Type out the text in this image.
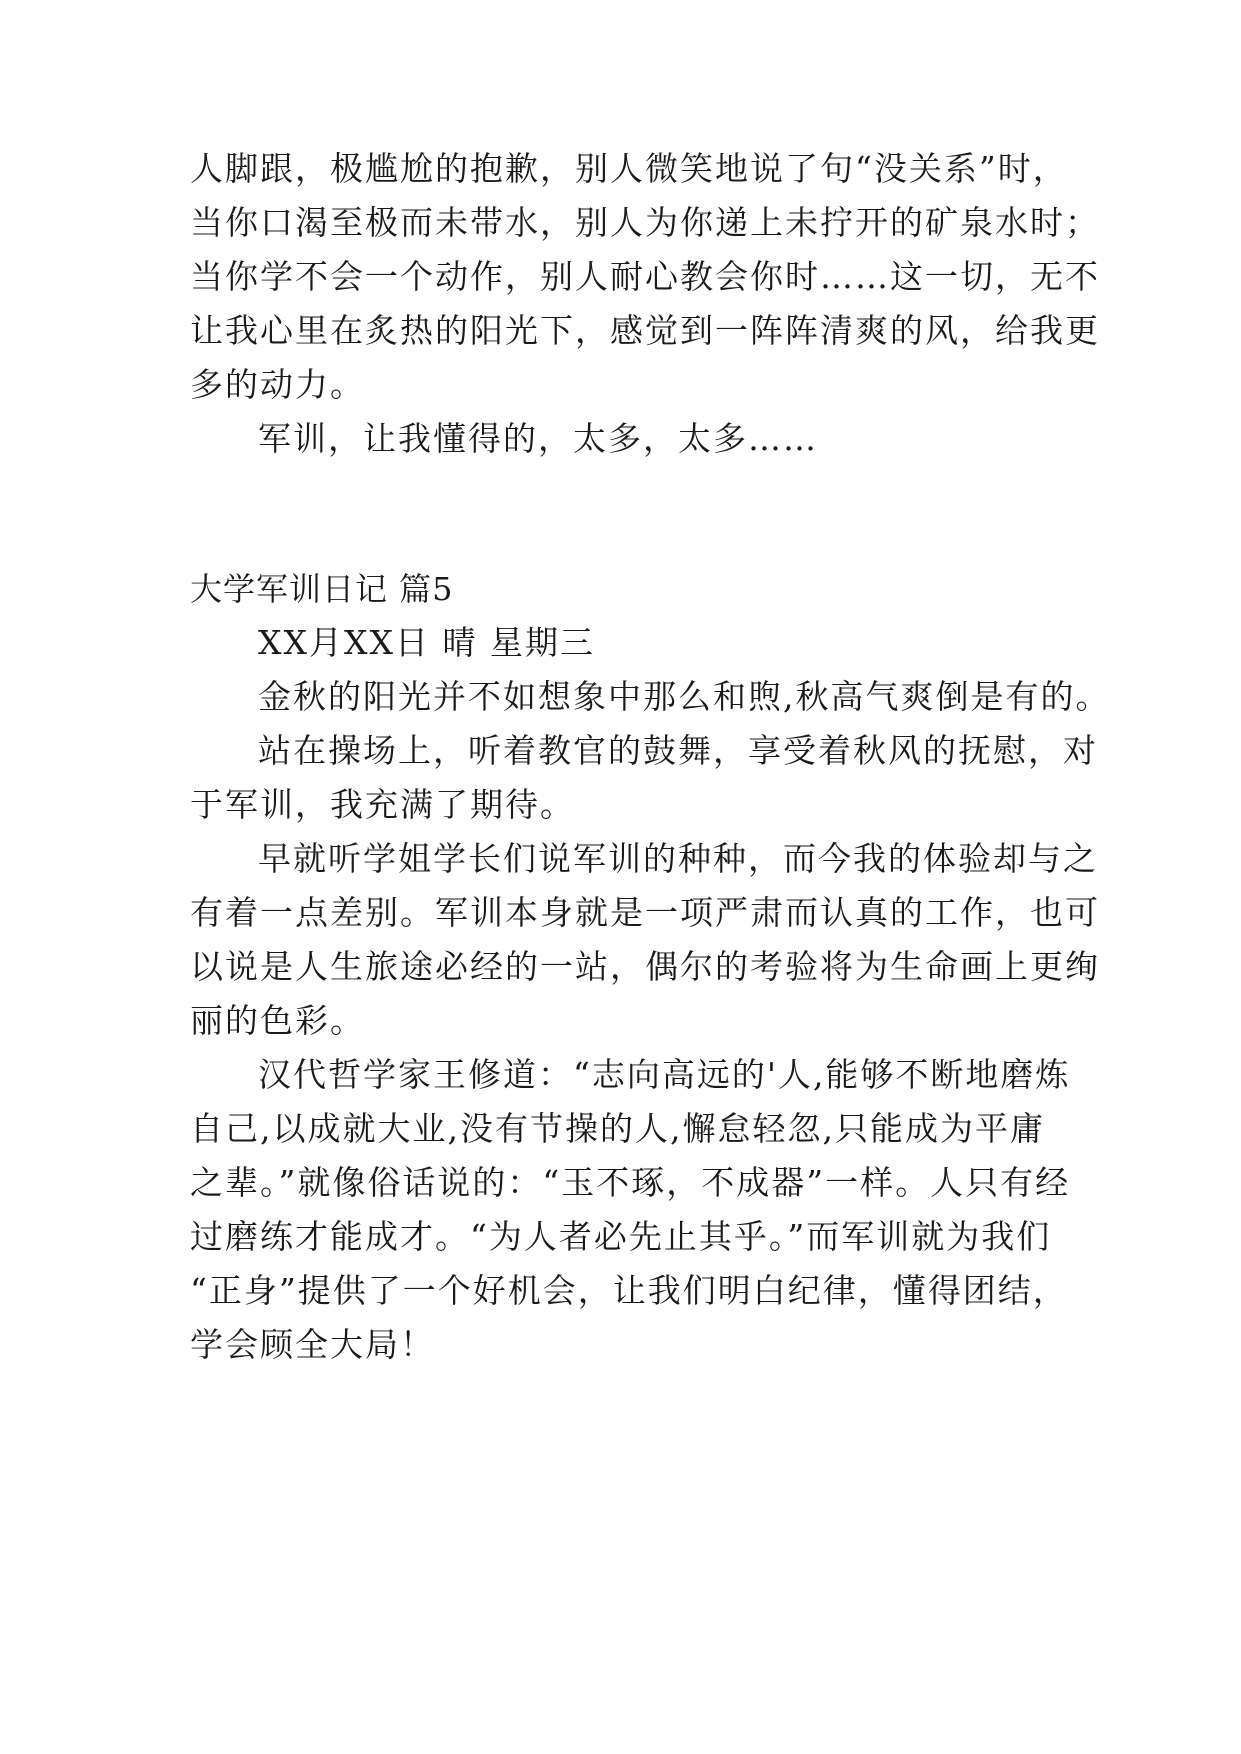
人脚跟，极尴尬的抱歉，别人微笑地说了句“没关系”时，
当你口渴至极而未带水，别人为你递上未拧开的矿泉水时；
当你学不会一个动作，别人耐心教会你时……这一切，无不
让我心里在炙热的阳光下，感觉到一阵阵清爽的风，给我更
多的动力。
军训，让我懂得的，太多，太多……
大学军训日记 篇5
XX月XX日 晴 星期三
金秋的阳光并不如想象中那么和煦,秋高气爽倒是有的。
站在操场上，听着教官的鼓舞，享受着秋风的抚慰，对
于军训，我充满了期待。
早就听学姐学长们说军训的种种，而今我的体验却与之
有着一点差别。军训本身就是一项严肃而认真的工作，也可
以说是人生旅途必经的一站，偶尔的考验将为生命画上更绚
丽的色彩。
汉代哲学家王修道：“志向高远的'人,能够不断地磨炼
自己,以成就大业,没有节操的人,懈怠轻忽,只能成为平庸
之辈。”就像俗话说的：“玉不琢，不成器”一样。人只有经
过磨练才能成才。“为人者必先止其乎。”而军训就为我们
“正身”提供了一个好机会，让我们明白纪律，懂得团结，
学会顾全大局！
